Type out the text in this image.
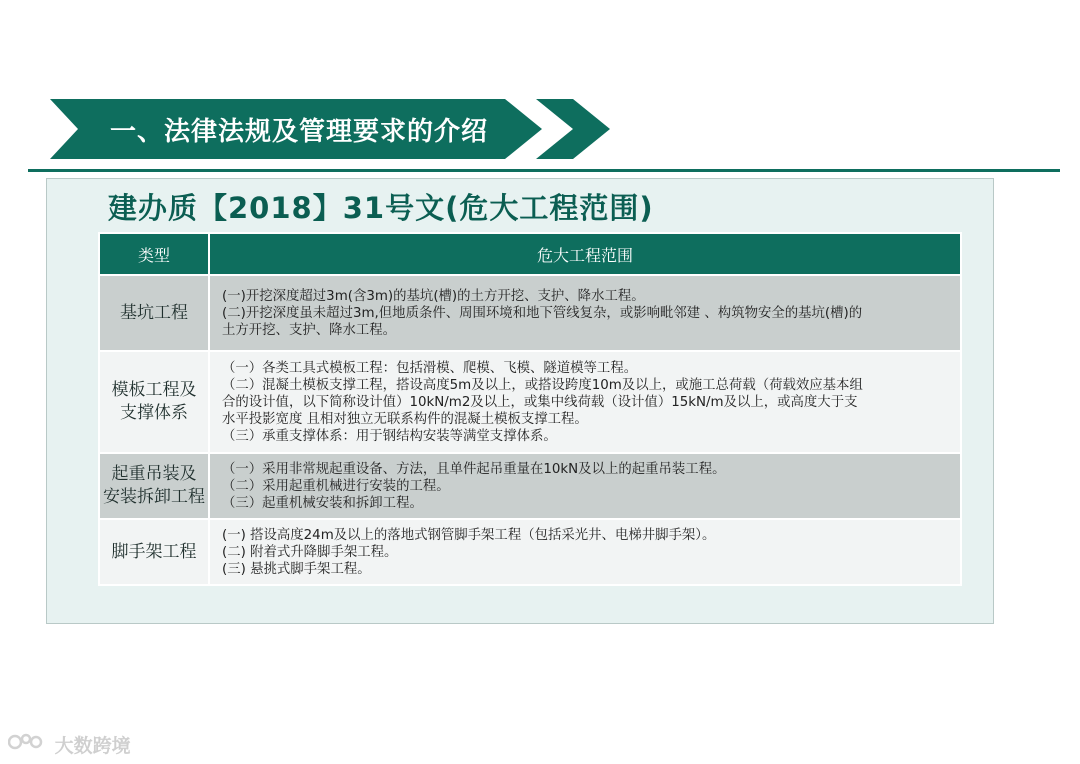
一、法律法规及管理要求的介绍
建办质【2018】31号文(危大工程范围)
类型	危大工程范围

基坑工程	(一)开挖深度超过3m(含3m)的基坑(槽)的土方开挖、支护、降水工程。
(二)开挖深度虽未超过3m,但地质条件、周围环境和地下管线复杂，或影响毗邻建 、构筑物安全的基坑(槽)的
土方开挖、支护、降水工程。

模板工程及
支撑体系	（一）各类工具式模板工程：包括滑模、爬模、飞模、隧道模等工程。
（二）混凝土模板支撑工程，搭设高度5m及以上，或搭设跨度10m及以上，或施工总荷载（荷载效应基本组
合的设计值，以下简称设计值）10kN/m2及以上，或集中线荷载（设计值）15kN/m及以上，或高度大于支
水平投影宽度 且相对独立无联系构件的混凝土模板支撑工程。
（三）承重支撑体系：用于钢结构安装等满堂支撑体系。

起重吊装及
安装拆卸工程	（一）采用非常规起重设备、方法，且单件起吊重量在10kN及以上的起重吊装工程。
（二）采用起重机械进行安装的工程。
（三）起重机械安装和拆卸工程。

脚手架工程	(一) 搭设高度24m及以上的落地式钢管脚手架工程（包括采光井、电梯井脚手架）。
(二) 附着式升降脚手架工程。
(三) 悬挑式脚手架工程。
大数跨境
